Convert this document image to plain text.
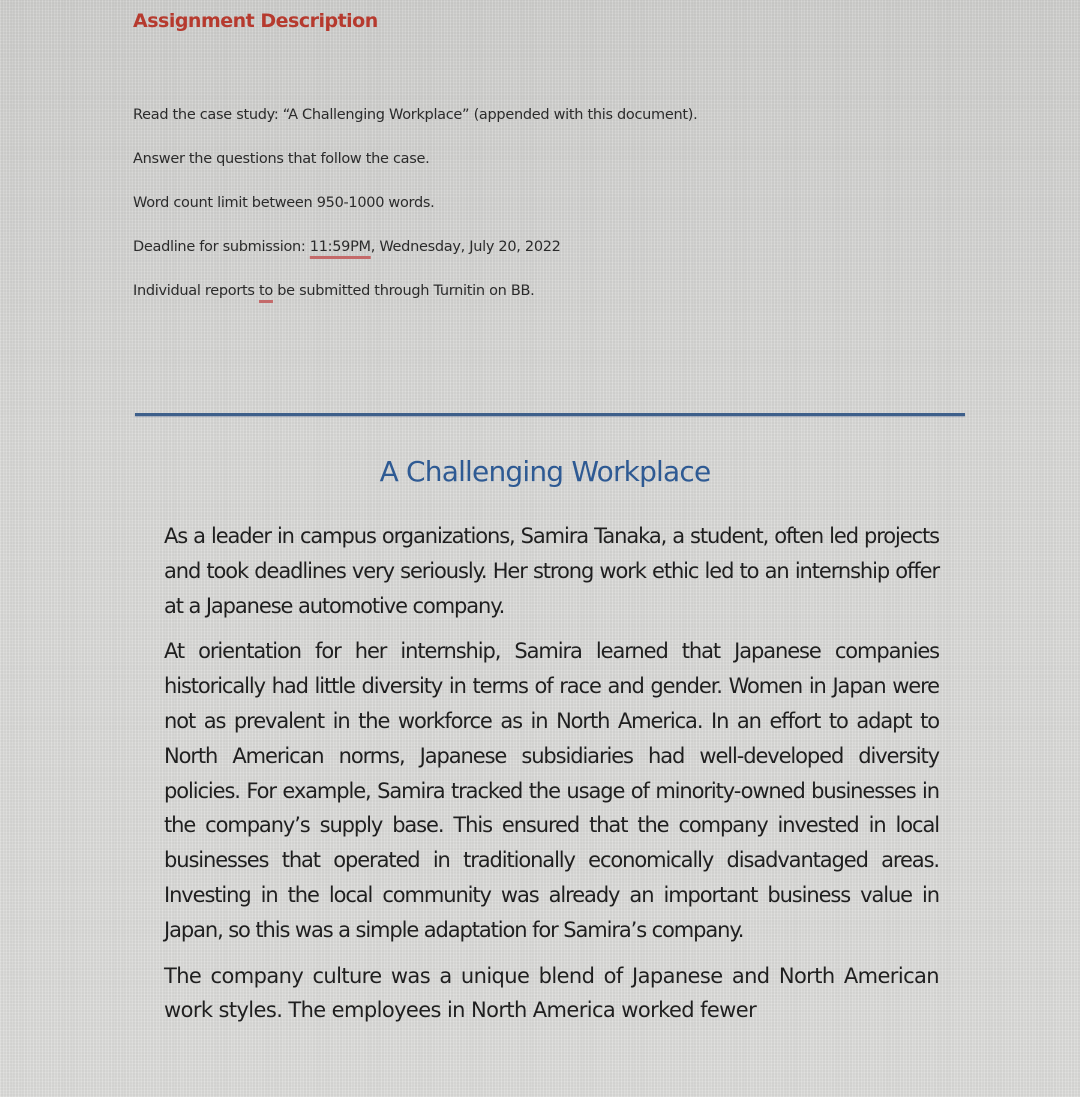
Assignment Description
Read the case study: “A Challenging Workplace” (appended with this document).
Answer the questions that follow the case.
Word count limit between 950-1000 words.
Deadline for submission: 11:59PM, Wednesday, July 20, 2022
Individual reports to be submitted through Turnitin on BB.
A Challenging Workplace

As a leader in campus organizations, Samira Tanaka, a student, often led projects and took deadlines very seriously. Her strong work ethic led to an internship offer at a Japanese automotive company.

At orientation for her internship, Samira learned that Japanese companies historically had little diversity in terms of race and gender. Women in Japan were not as prevalent in the workforce as in North America. In an effort to adapt to North American norms, Japanese subsidiaries had well-developed diversity policies. For example, Samira tracked the usage of minority-owned businesses in the company’s supply base. This ensured that the company invested in local businesses that operated in traditionally economically disadvantaged areas. Investing in the local community was already an important business value in Japan, so this was a simple adaptation for Samira’s company.

The company culture was a unique blend of Japanese and North American work styles. The employees in North America worked fewer
